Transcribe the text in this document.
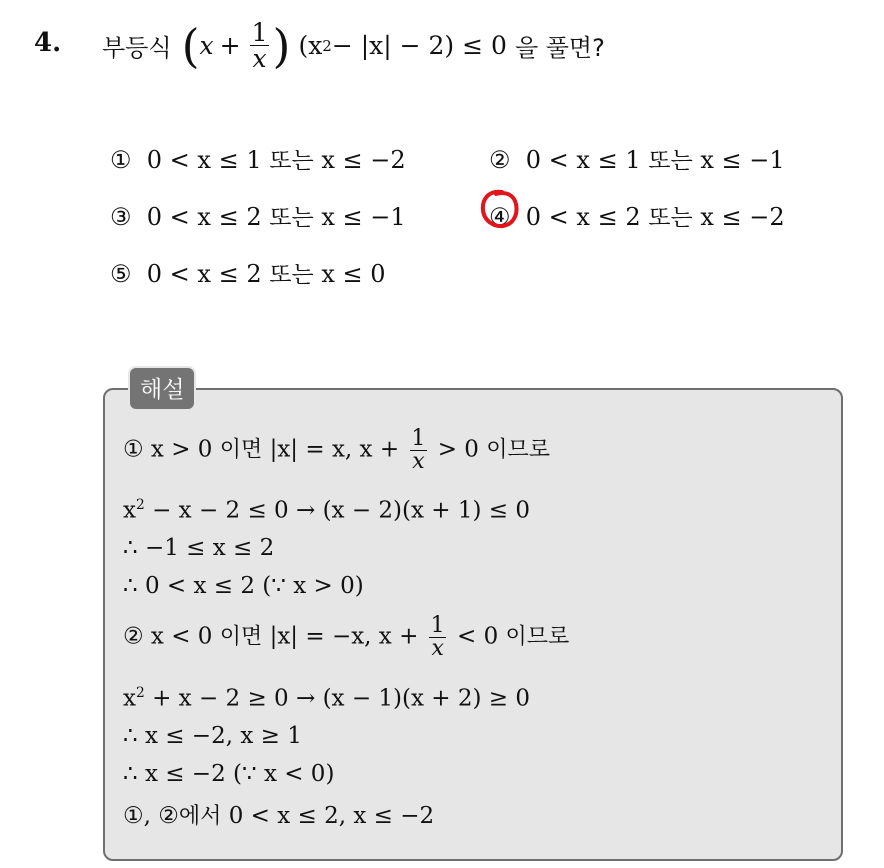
4. 부등식 ( $x + \frac{1}{x}$ ) (x 2 − |x| − 2) ≤ 0 을 풀면?
① 0 < x ≤ 1 또는 x ≤ −2	② 0 < x ≤ 1 또는 x ≤ −1
③ 0 < x ≤ 2 또는 x ≤ −1	④ 0 < x ≤ 2 또는 x ≤ −2
⑤ 0 < x ≤ 2 또는 x ≤ 0
해설
① x > 0 이면 |x| = x, $x + \frac{1}{x} > 0$ 이므로
$x^2 - x - 2 \le 0 \to (x - 2)(x + 1) \le 0$
∴ −1 ≤ x ≤ 2
∴ 0 < x ≤ 2 (∵ x > 0)
② x < 0 이면 |x| = −x, $x + \frac{1}{x} < 0$ 이므로
$x^2 + x - 2 \ge 0 \to (x - 1)(x + 2) \ge 0$
∴ x ≤ −2, x ≥ 1
∴ x ≤ −2 (∵ x < 0)
①, ②에서 0 < x ≤ 2, x ≤ −2
